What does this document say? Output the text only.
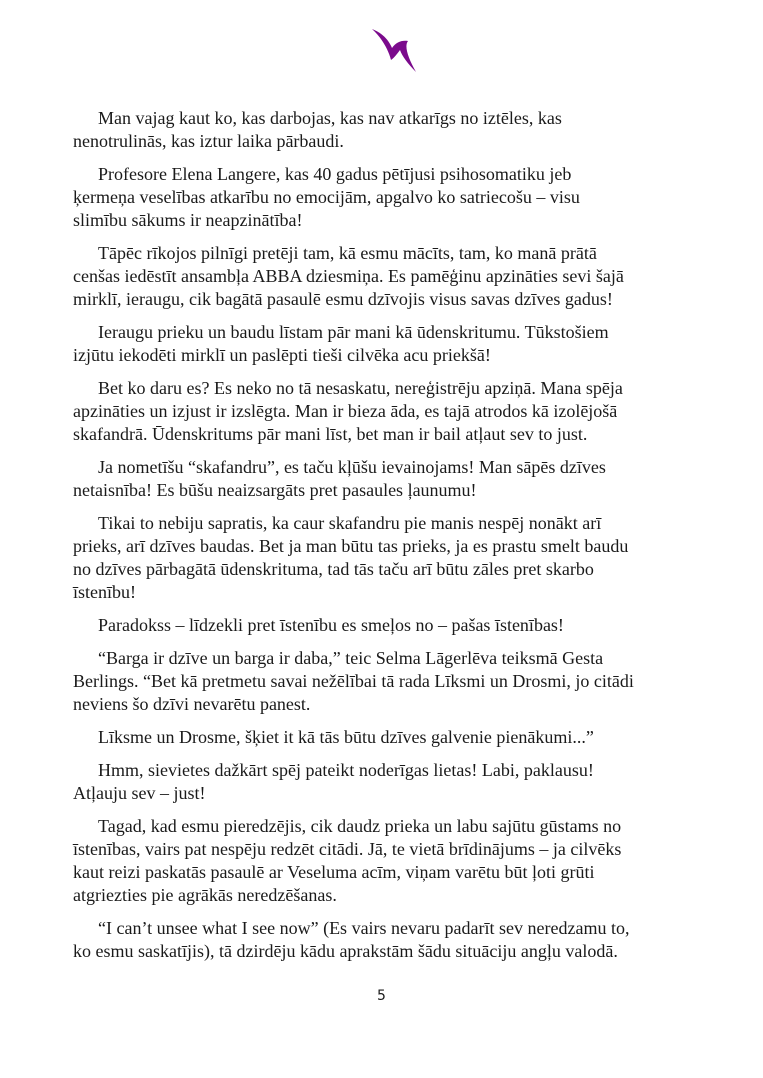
Man vajag kaut ko, kas darbojas, kas nav atkarīgs no iztēles, kas
nenotrulinās, kas iztur laika pārbaudi.
Profesore Elena Langere, kas 40 gadus pētījusi psihosomatiku jeb
ķermeņa veselības atkarību no emocijām, apgalvo ko satriecošu – visu
slimību sākums ir neapzinātība!
Tāpēc rīkojos pilnīgi pretēji tam, kā esmu mācīts, tam, ko manā prātā
cenšas iedēstīt ansambļa ABBA dziesmiņa. Es pamēģinu apzināties sevi šajā
mirklī, ieraugu, cik bagātā pasaulē esmu dzīvojis visus savas dzīves gadus!
Ieraugu prieku un baudu līstam pār mani kā ūdenskritumu. Tūkstošiem
izjūtu iekodēti mirklī un paslēpti tieši cilvēka acu priekšā!
Bet ko daru es? Es neko no tā nesaskatu, nereģistrēju apziņā. Mana spēja
apzināties un izjust ir izslēgta. Man ir bieza āda, es tajā atrodos kā izolējošā
skafandrā. Ūdenskritums pār mani līst, bet man ir bail atļaut sev to just.
Ja nometīšu “skafandru”, es taču kļūšu ievainojams! Man sāpēs dzīves
netaisnība! Es būšu neaizsargāts pret pasaules ļaunumu!
Tikai to nebiju sapratis, ka caur skafandru pie manis nespēj nonākt arī
prieks, arī dzīves baudas. Bet ja man būtu tas prieks, ja es prastu smelt baudu
no dzīves pārbagātā ūdenskrituma, tad tās taču arī būtu zāles pret skarbo
īstenību!
Paradokss – līdzekli pret īstenību es smeļos no – pašas īstenības!
“Barga ir dzīve un barga ir daba,” teic Selma Lāgerlēva teiksmā Gesta
Berlings. “Bet kā pretmetu savai nežēlībai tā rada Līksmi un Drosmi, jo citādi
neviens šo dzīvi nevarētu panest.
Līksme un Drosme, šķiet it kā tās būtu dzīves galvenie pienākumi...”
Hmm, sievietes dažkārt spēj pateikt noderīgas lietas! Labi, paklausu!
Atļauju sev – just!
Tagad, kad esmu pieredzējis, cik daudz prieka un labu sajūtu gūstams no
īstenības, vairs pat nespēju redzēt citādi. Jā, te vietā brīdinājums – ja cilvēks
kaut reizi paskatās pasaulē ar Veseluma acīm, viņam varētu būt ļoti grūti
atgriezties pie agrākās neredzēšanas.
“I can’t unsee what I see now” (Es vairs nevaru padarīt sev neredzamu to,
ko esmu saskatījis), tā dzirdēju kādu aprakstām šādu situāciju angļu valodā.
5
